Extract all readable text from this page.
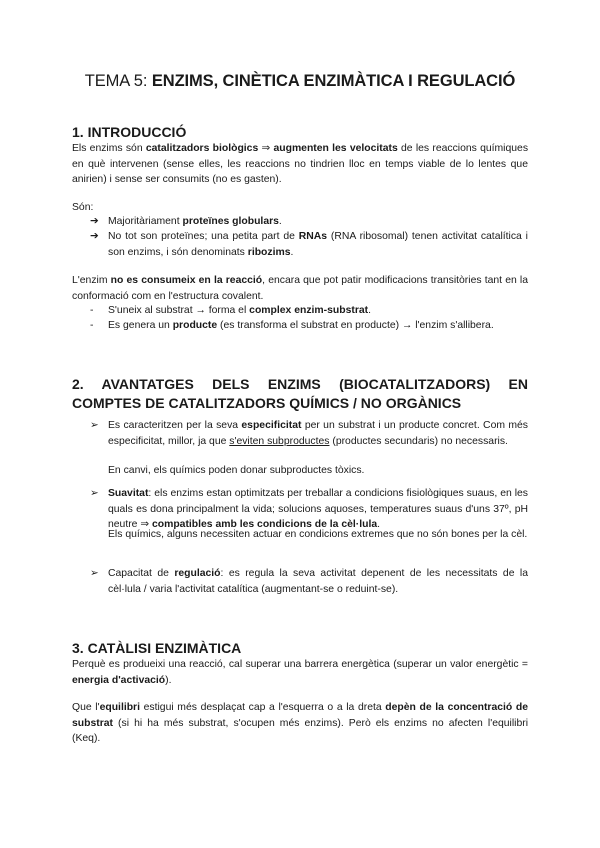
TEMA 5: ENZIMS, CINÈTICA ENZIMÀTICA I REGULACIÓ
1. INTRODUCCIÓ

Els enzims són catalitzadors biològics ⇒ augmenten les velocitats de les reaccions químiques en què intervenen (sense elles, les reaccions no tindrien lloc en temps viable de lo lentes que anirien) i sense ser consumits (no es gasten).

Són:

➔ Majoritàriament proteïnes globulars.

➔ No tot son proteïnes; una petita part de RNAs (RNA ribosomal) tenen activitat catalítica i son enzims, i són denominats ribozims.

L'enzim no es consumeix en la reacció, encara que pot patir modificacions transitòries tant en la conformació com en l'estructura covalent.

- S'uneix al substrat → forma el complex enzim-substrat.

- Es genera un producte (es transforma el substrat en producte) → l'enzim s'allibera.

2. AVANTATGES DELS ENZIMS (BIOCATALITZADORS) EN COMPTES DE CATALITZADORS QUÍMICS / NO ORGÀNICS
➢ Es caracteritzen per la seva especificitat per un substrat i un producte concret. Com més especificitat, millor, ja que s'eviten subproductes (productes secundaris) no necessaris.

En canvi, els químics poden donar subproductes tòxics.

➢ Suavitat: els enzims estan optimitzats per treballar a condicions fisiològiques suaus, en les quals es dona principalment la vida; solucions aquoses, temperatures suaus d'uns 37º, pH neutre ⇒ compatibles amb les condicions de la cèl·lula.

Els químics, alguns necessiten actuar en condicions extremes que no són bones per la cèl.

➢ Capacitat de regulació: es regula la seva activitat depenent de les necessitats de la cèl·lula / varia l'activitat catalítica (augmentant-se o reduint-se).

3. CATÀLISI ENZIMÀTICA

Perquè es produeixi una reacció, cal superar una barrera energètica (superar un valor energètic = energia d'activació).

Que l'equilibri estigui més desplaçat cap a l'esquerra o a la dreta depèn de la concentració de substrat (si hi ha més substrat, s'ocupen més enzims). Però els enzims no afecten l'equilibri (Keq).
